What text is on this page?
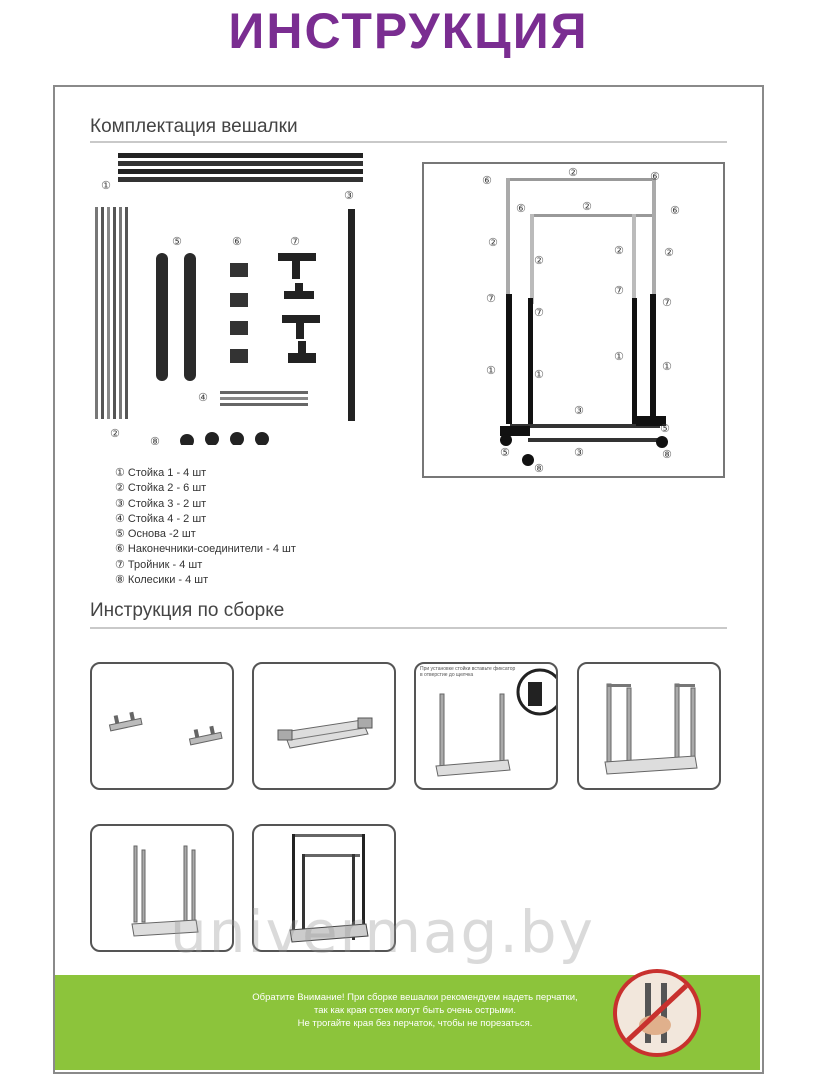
ИНСТРУКЦИЯ
Комплектация вешалки
①
②
③
⑤	⑥	⑦
④
⑧
① Стойка 1 - 4 шт
② Стойка 2 - 6 шт
③ Стойка 3 - 2 шт
④ Стойка 4 - 2 шт
⑤ Основа -2 шт
⑥ Наконечники-соединители - 4 шт
⑦ Тройник - 4 шт
⑧ Колесики - 4 шт
②
⑥	⑥
⑥	⑥
②
②
②
②	②
⑦
⑦
⑦
⑦
①	①
①
①
③
③
⑤
⑤
⑧
⑧
Инструкция по сборке
При установке стойки вставьте фиксатор в отверстие до щелчка
univermag.by
Обратите Внимание! При сборке вешалки рекомендуем надеть перчатки,
так как края стоек могут быть очень острыми.
Не трогайте края без перчаток, чтобы не порезаться.
